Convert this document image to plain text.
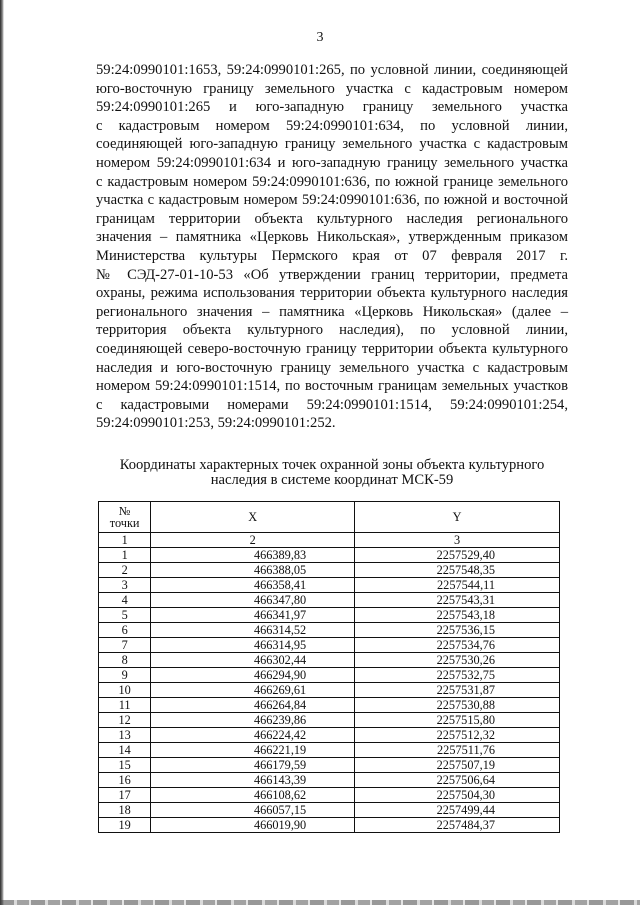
3
59:24:0990101:1653, 59:24:0990101:265, по условной линии, соединяющей
юго-восточную границу земельного участка с кадастровым номером
59:24:0990101:265 и юго-западную границу земельного участка
с кадастровым номером 59:24:0990101:634, по условной линии,
соединяющей юго-западную границу земельного участка с кадастровым
номером 59:24:0990101:634 и юго-западную границу земельного участка
с кадастровым номером 59:24:0990101:636, по южной границе земельного
участка с кадастровым номером 59:24:0990101:636, по южной и восточной
границам территории объекта культурного наследия регионального
значения – памятника «Церковь Никольская», утвержденным приказом
Министерства культуры Пермского края от 07 февраля 2017 г.
№ СЭД-27-01-10-53 «Об утверждении границ территории, предмета
охраны, режима использования территории объекта культурного наследия
регионального значения – памятника «Церковь Никольская» (далее –
территория объекта культурного наследия), по условной линии,
соединяющей северо-восточную границу территории объекта культурного
наследия и юго-восточную границу земельного участка с кадастровым
номером 59:24:0990101:1514, по восточным границам земельных участков
с кадастровыми номерами 59:24:0990101:1514, 59:24:0990101:254,
59:24:0990101:253, 59:24:0990101:252.
Координаты характерных точек охранной зоны объекта культурного
наследия в системе координат МСК-59
№
точки	X	Y
1	2	3
1	466389,83	2257529,40
2	466388,05	2257548,35
3	466358,41	2257544,11
4	466347,80	2257543,31
5	466341,97	2257543,18
6	466314,52	2257536,15
7	466314,95	2257534,76
8	466302,44	2257530,26
9	466294,90	2257532,75
10	466269,61	2257531,87
11	466264,84	2257530,88
12	466239,86	2257515,80
13	466224,42	2257512,32
14	466221,19	2257511,76
15	466179,59	2257507,19
16	466143,39	2257506,64
17	466108,62	2257504,30
18	466057,15	2257499,44
19	466019,90	2257484,37
